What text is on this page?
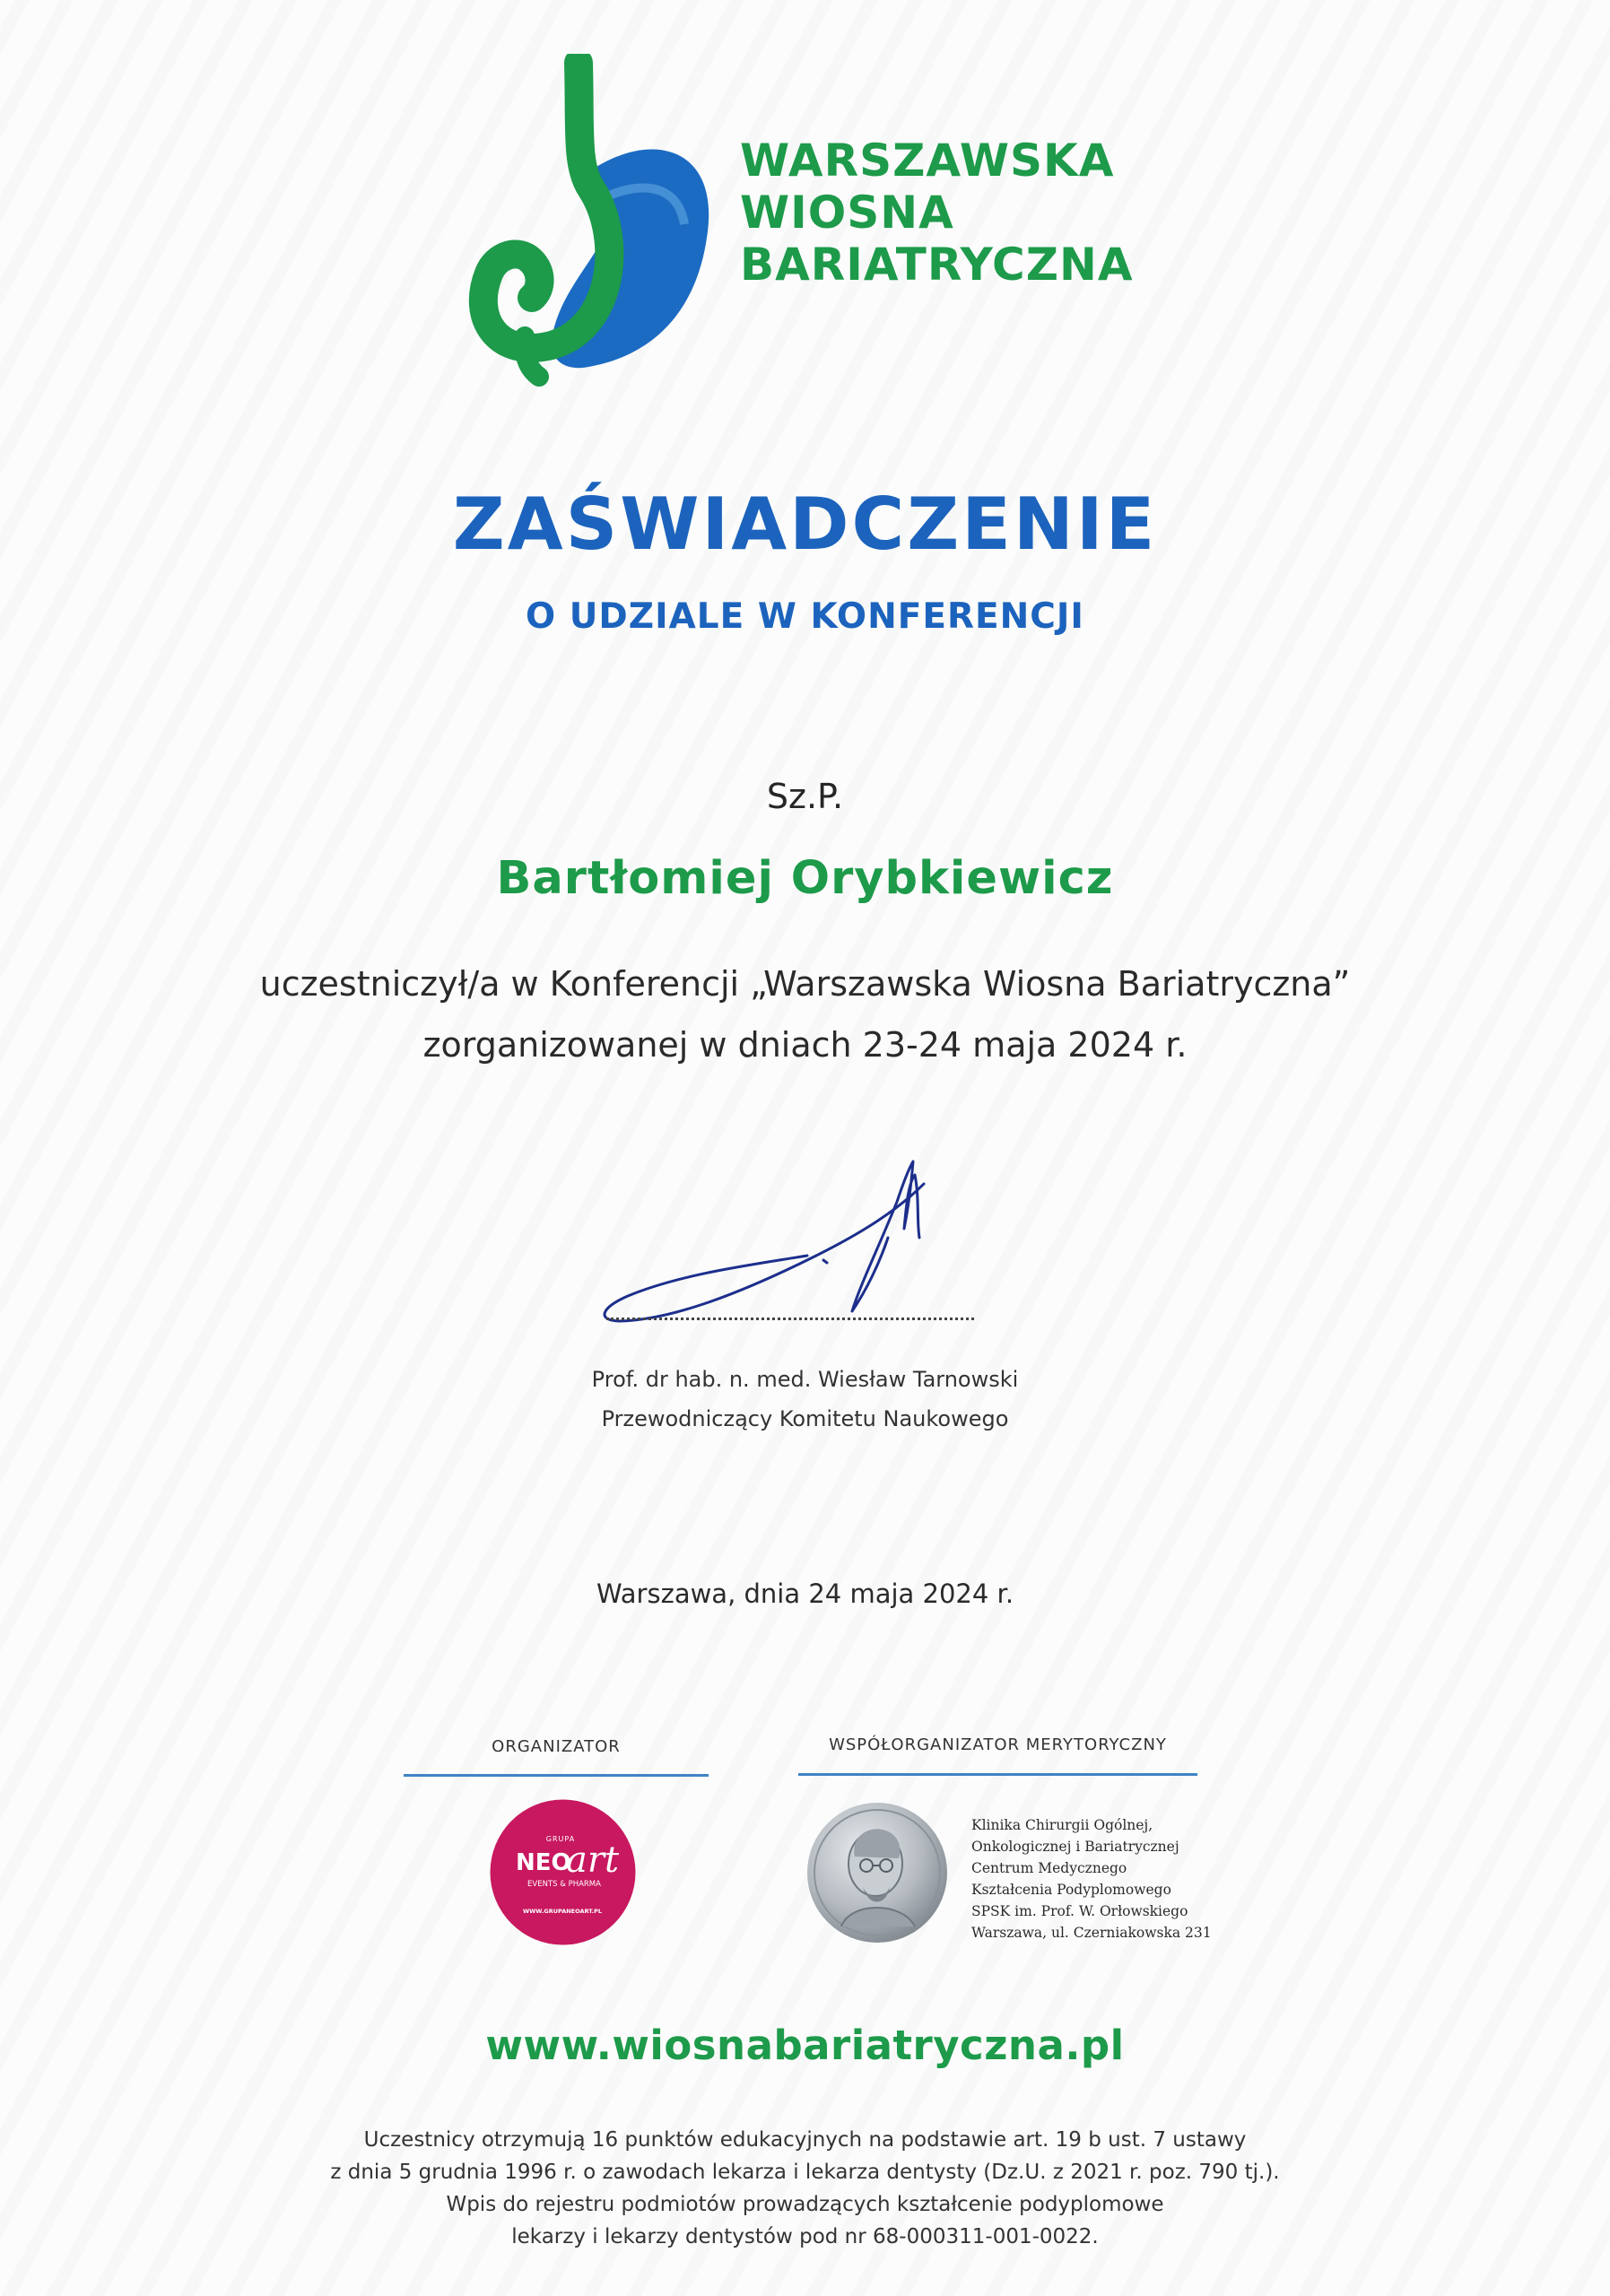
WARSZAWSKA
WIOSNA
BARIATRYCZNA
ZAŚWIADCZENIE
O UDZIALE W KONFERENCJI
Sz.P.
Bartłomiej Orybkiewicz
uczestniczył/a w Konferencji „Warszawska Wiosna Bariatryczna”
zorganizowanej w dniach 23-24 maja 2024 r.
Prof. dr hab. n. med. Wiesław Tarnowski
Przewodniczący Komitetu Naukowego
Warszawa, dnia 24 maja 2024 r.
ORGANIZATOR	WSPÓŁORGANIZATOR MERYTORYCZNY
GRUPA
NEO
art
EVENTS & PHARMA
WWW.GRUPANEOART.PL
Klinika Chirurgii Ogólnej,
Onkologicznej i Bariatrycznej
Centrum Medycznego
Kształcenia Podyplomowego
SPSK im. Prof. W. Orłowskiego
Warszawa, ul. Czerniakowska 231
www.wiosnabariatryczna.pl
Uczestnicy otrzymują 16 punktów edukacyjnych na podstawie art. 19 b ust. 7 ustawy
z dnia 5 grudnia 1996 r. o zawodach lekarza i lekarza dentysty (Dz.U. z 2021 r. poz. 790 tj.).
Wpis do rejestru podmiotów prowadzących kształcenie podyplomowe
lekarzy i lekarzy dentystów pod nr 68-000311-001-0022.
